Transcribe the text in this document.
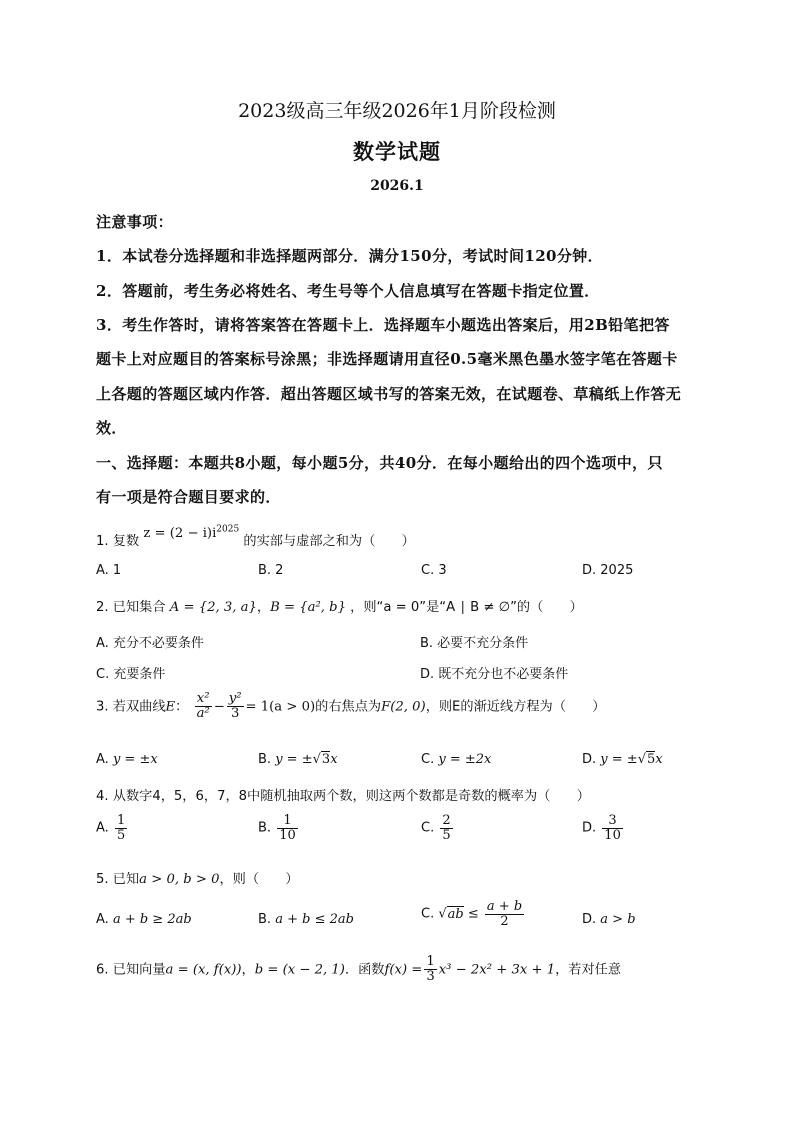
2023级高三年级2026年1月阶段检测
数学试题
2026.1
注意事项：
1．本试卷分选择题和非选择题两部分．满分150分，考试时间120分钟．
2．答题前，考生务必将姓名、考生号等个人信息填写在答题卡指定位置．
3．考生作答时，请将答案答在答题卡上．选择题车小题选出答案后，用2B铅笔把答
题卡上对应题目的答案标号涂黑；非选择题请用直径0.5毫米黑色墨水签字笔在答题卡
上各题的答题区域内作答．超出答题区域书写的答案无效，在试题卷、草稿纸上作答无
效．
一、选择题：本题共8小题，每小题5分，共40分．在每小题给出的四个选项中，只
有一项是符合题目要求的．
1. 复数 $z = (2 - i)i^{2025}$ 的实部与虚部之和为（　　）
A. 1	B. 2	C. 3	D. 2025
2. 已知集合 A = {2, 3, a}，B = {a², b} ，则“a = 0”是“A ∣ B ≠ ∅”的（　　）
A. 充分不必要条件	B. 必要不充分条件
C. 充要条件	D. 既不充分也不必要条件
3. 若双曲线E： $\frac{\text{x²}}{\text{a²}} - \frac{\text{y²}}{3} = 1(a > 0)$的右焦点为F(2, 0)，则E的渐近线方程为（　　）
A. y = ±x	B. y = ±√3x	C. y = ±2x	D. y = ±√5x
4. 从数字4，5，6，7，8中随机抽取两个数，则这两个数都是奇数的概率为（　　）
A. $\frac{1}{5}$	B. $\frac{1}{10}$	C. $\frac{2}{5}$	D. $\frac{3}{10}$
5. 已知a > 0, b > 0，则（　　）
A. a + b ≥ 2ab	B. a + b ≤ 2ab	C. $√ab \le \frac{a + b}{2}$	D. a > b
6. 已知向量a = (x, f(x))，b = (x − 2, 1)．函数$f(x) = \frac{1}{3} x^3 - 2x^2 + 3x + 1$，若对任意
